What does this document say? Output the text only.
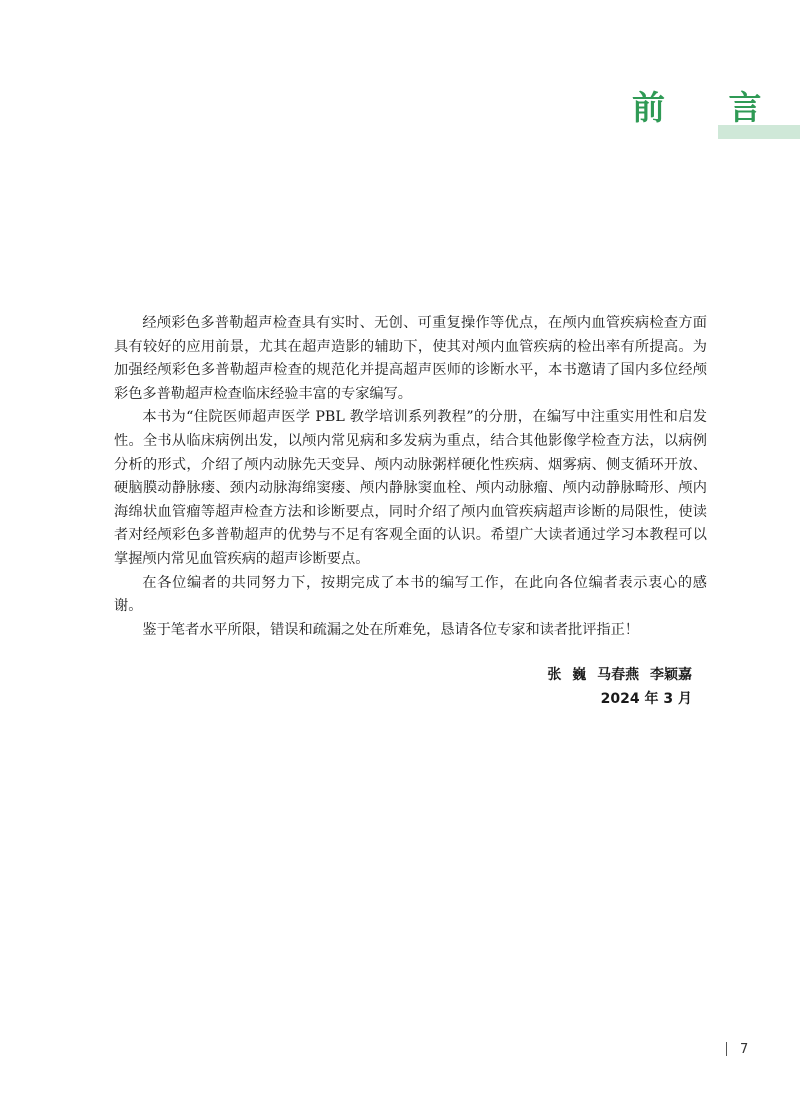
前 言

经颅彩色多普勒超声检查具有实时、无创、可重复操作等优点，在颅内血管疾病检查方面具有较好的应用前景，尤其在超声造影的辅助下，使其对颅内血管疾病的检出率有所提高。为加强经颅彩色多普勒超声检查的规范化并提高超声医师的诊断水平，本书邀请了国内多位经颅彩色多普勒超声检查临床经验丰富的专家编写。

本书为“住院医师超声医学 PBL 教学培训系列教程”的分册，在编写中注重实用性和启发性。全书从临床病例出发，以颅内常见病和多发病为重点，结合其他影像学检查方法，以病例分析的形式，介绍了颅内动脉先天变异、颅内动脉粥样硬化性疾病、烟雾病、侧支循环开放、硬脑膜动静脉瘘、颈内动脉海绵窦瘘、颅内静脉窦血栓、颅内动脉瘤、颅内动静脉畸形、颅内海绵状血管瘤等超声检查方法和诊断要点，同时介绍了颅内血管疾病超声诊断的局限性，使读者对经颅彩色多普勒超声的优势与不足有客观全面的认识。希望广大读者通过学习本教程可以掌握颅内常见血管疾病的超声诊断要点。

在各位编者的共同努力下，按期完成了本书的编写工作，在此向各位编者表示衷心的感谢。

鉴于笔者水平所限，错误和疏漏之处在所难免，恳请各位专家和读者批评指正！

张 巍 马春燕 李颖嘉
2024 年 3 月
7
